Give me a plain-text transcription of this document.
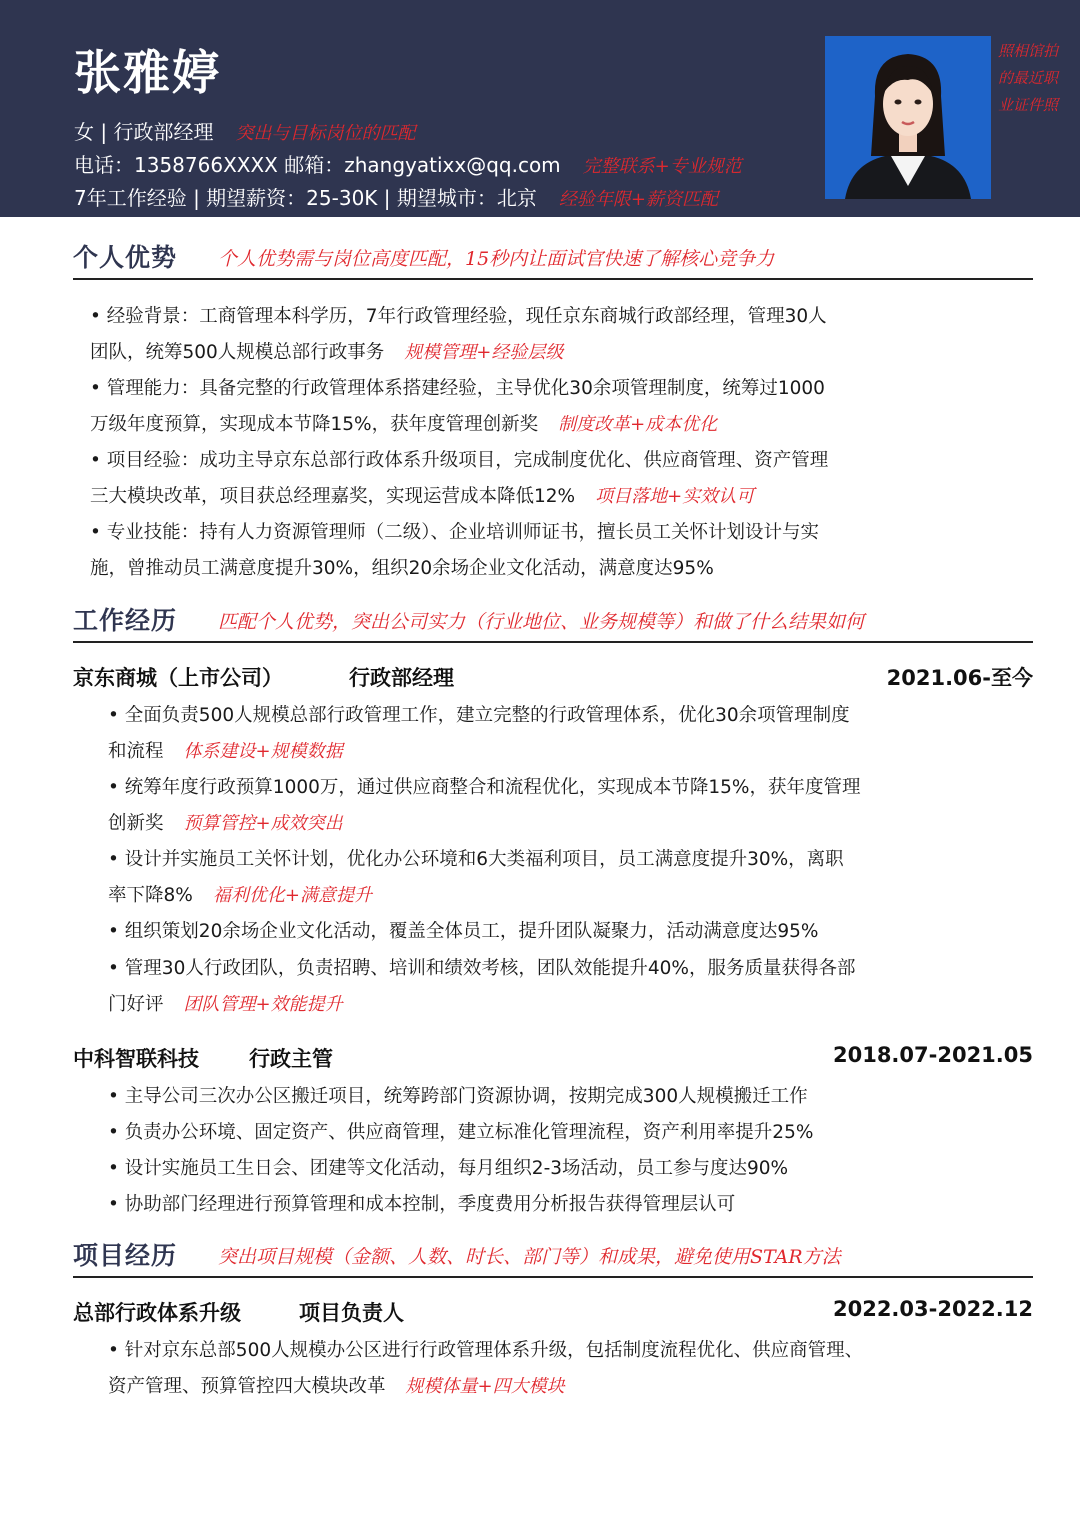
张雅婷
女 | 行政部经理 突出与目标岗位的匹配
电话：1358766XXXX 邮箱：zhangyatixx@qq.com 完整联系+专业规范
7年工作经验 | 期望薪资：25-30K | 期望城市：北京 经验年限+薪资匹配
照相馆拍的最近职业证件照
个人优势 个人优势需与岗位高度匹配，15秒内让面试官快速了解核心竞争力
• 经验背景：工商管理本科学历，7年行政管理经验，现任京东商城行政部经理，管理30人
团队，统筹500人规模总部行政事务 规模管理+经验层级
• 管理能力：具备完整的行政管理体系搭建经验，主导优化30余项管理制度，统筹过1000
万级年度预算，实现成本节降15%，获年度管理创新奖 制度改革+成本优化
• 项目经验：成功主导京东总部行政体系升级项目，完成制度优化、供应商管理、资产管理
三大模块改革，项目获总经理嘉奖，实现运营成本降低12% 项目落地+实效认可
• 专业技能：持有人力资源管理师（二级）、企业培训师证书，擅长员工关怀计划设计与实
施，曾推动员工满意度提升30%，组织20余场企业文化活动，满意度达95%
工作经历 匹配个人优势，突出公司实力（行业地位、业务规模等）和做了什么结果如何
京东商城（上市公司）	行政部经理	2021.06-至今
• 全面负责500人规模总部行政管理工作，建立完整的行政管理体系，优化30余项管理制度
和流程 体系建设+规模数据
• 统筹年度行政预算1000万，通过供应商整合和流程优化，实现成本节降15%，获年度管理
创新奖 预算管控+成效突出
• 设计并实施员工关怀计划，优化办公环境和6大类福利项目，员工满意度提升30%，离职
率下降8% 福利优化+满意提升
• 组织策划20余场企业文化活动，覆盖全体员工，提升团队凝聚力，活动满意度达95%
• 管理30人行政团队，负责招聘、培训和绩效考核，团队效能提升40%，服务质量获得各部
门好评 团队管理+效能提升
中科智联科技 行政主管	2018.07-2021.05
• 主导公司三次办公区搬迁项目，统筹跨部门资源协调，按期完成300人规模搬迁工作
• 负责办公环境、固定资产、供应商管理，建立标准化管理流程，资产利用率提升25%
• 设计实施员工生日会、团建等文化活动，每月组织2-3场活动，员工参与度达90%
• 协助部门经理进行预算管理和成本控制，季度费用分析报告获得管理层认可
项目经历 突出项目规模（金额、人数、时长、部门等）和成果，避免使用STAR方法
总部行政体系升级	项目负责人	2022.03-2022.12
• 针对京东总部500人规模办公区进行行政管理体系升级，包括制度流程优化、供应商管理、
资产管理、预算管控四大模块改革 规模体量+四大模块
